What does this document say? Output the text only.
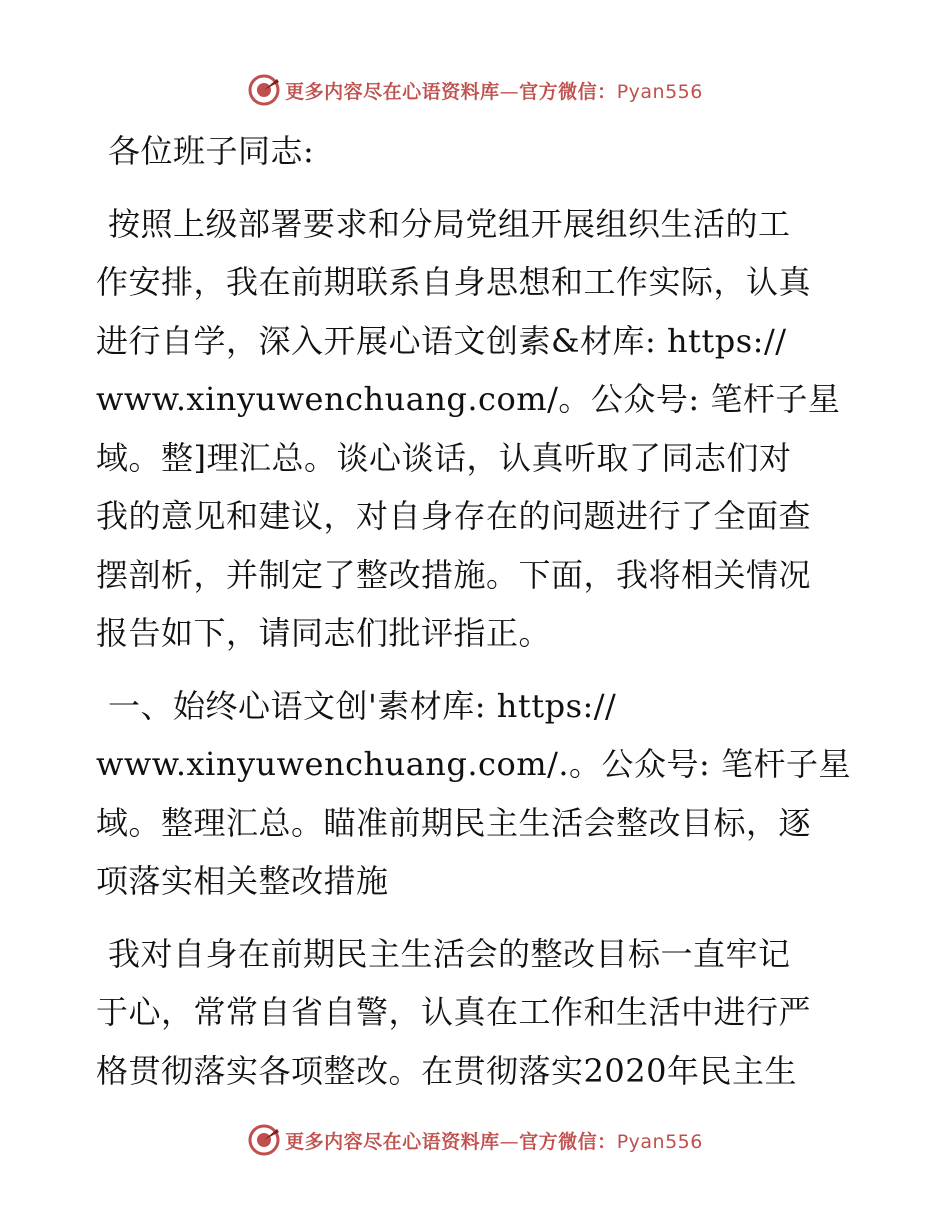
更多内容尽在心语资料库—官方微信：Pyan556
各位班子同志:
按照上级部署要求和分局党组开展组织生活的工
作安排，我在前期联系自身思想和工作实际，认真
进行自学，深入开展心语文创素&材库: https://
www.xinyuwenchuang.com/。公众号: 笔杆子星
域。整]理汇总。谈心谈话，认真听取了同志们对
我的意见和建议，对自身存在的问题进行了全面查
摆剖析，并制定了整改措施。下面，我将相关情况
报告如下，请同志们批评指正。
一、始终心语文创'素材库: https://
www.xinyuwenchuang.com/.。公众号: 笔杆子星
域。整理汇总。瞄准前期民主生活会整改目标，逐
项落实相关整改措施
我对自身在前期民主生活会的整改目标一直牢记
于心，常常自省自警，认真在工作和生活中进行严
格贯彻落实各项整改。在贯彻落实2020年民主生
更多内容尽在心语资料库—官方微信：Pyan556
